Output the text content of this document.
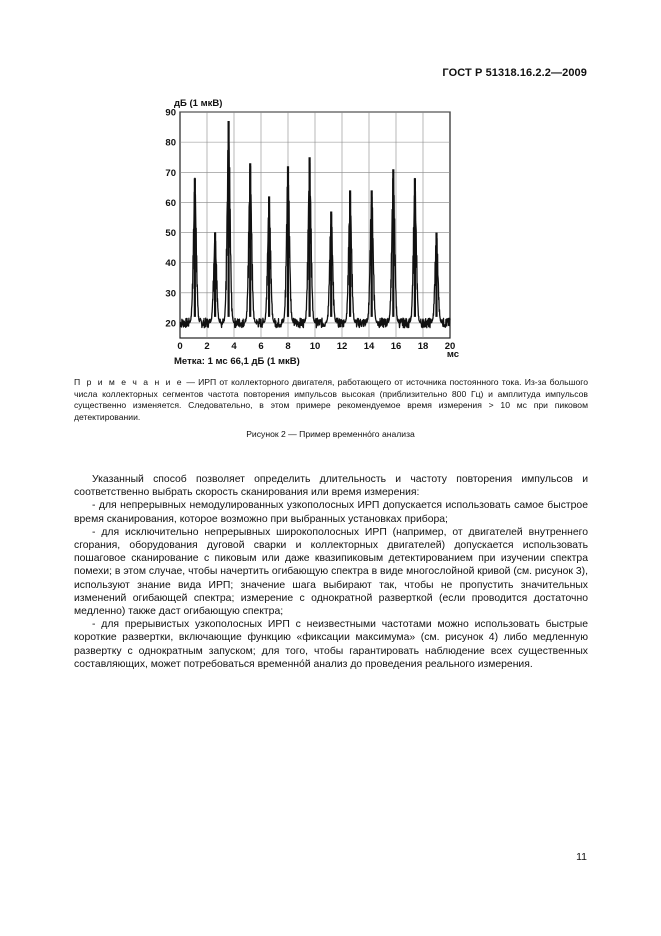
ГОСТ Р 51318.16.2.2—2009
0 2 4 6 8 10 12 14 16 18 20
90
80
70
60
50
40
30
20
дБ (1 мкВ)
мс
Метка: 1 мс 66,1 дБ (1 мкВ)
П р и м е ч а н и е — ИРП от коллекторного двигателя, работающего от источника постоянного тока. Из-за большого числа коллекторных сегментов частота повторения импульсов высокая (приблизительно 800 Гц) и амплитуда импульсов существенно изменяется. Следовательно, в этом примере рекомендуемое время измерения > 10 мс при пиковом детектировании.
Рисунок 2 — Пример временно́го анализа

Указанный способ позволяет определить длительность и частоту повторения импульсов и соответственно выбрать скорость сканирования или время измерения:

- для непрерывных немодулированных узкополосных ИРП допускается использовать самое быстрое время сканирования, которое возможно при выбранных установках прибора;

- для исключительно непрерывных широкополосных ИРП (например, от двигателей внутреннего сгорания, оборудования дуговой сварки и коллекторных двигателей) допускается использовать пошаговое сканирование с пиковым или даже квазипиковым детектированием при изучении спектра помехи; в этом случае, чтобы начертить огибающую спектра в виде многослойной кривой (см. рисунок 3), используют знание вида ИРП; значение шага выбирают так, чтобы не пропустить значительных изменений огибающей спектра; измерение с однократной разверткой (если проводится достаточно медленно) также даст огибающую спектра;

- для прерывистых узкополосных ИРП с неизвестными частотами можно использовать быстрые короткие развертки, включающие функцию «фиксации максимума» (см. рисунок 4) либо медленную развертку с однократным запуском; для того, чтобы гарантировать наблюдение всех существенных составляющих, может потребоваться временно́й анализ до проведения реального измерения.

11
